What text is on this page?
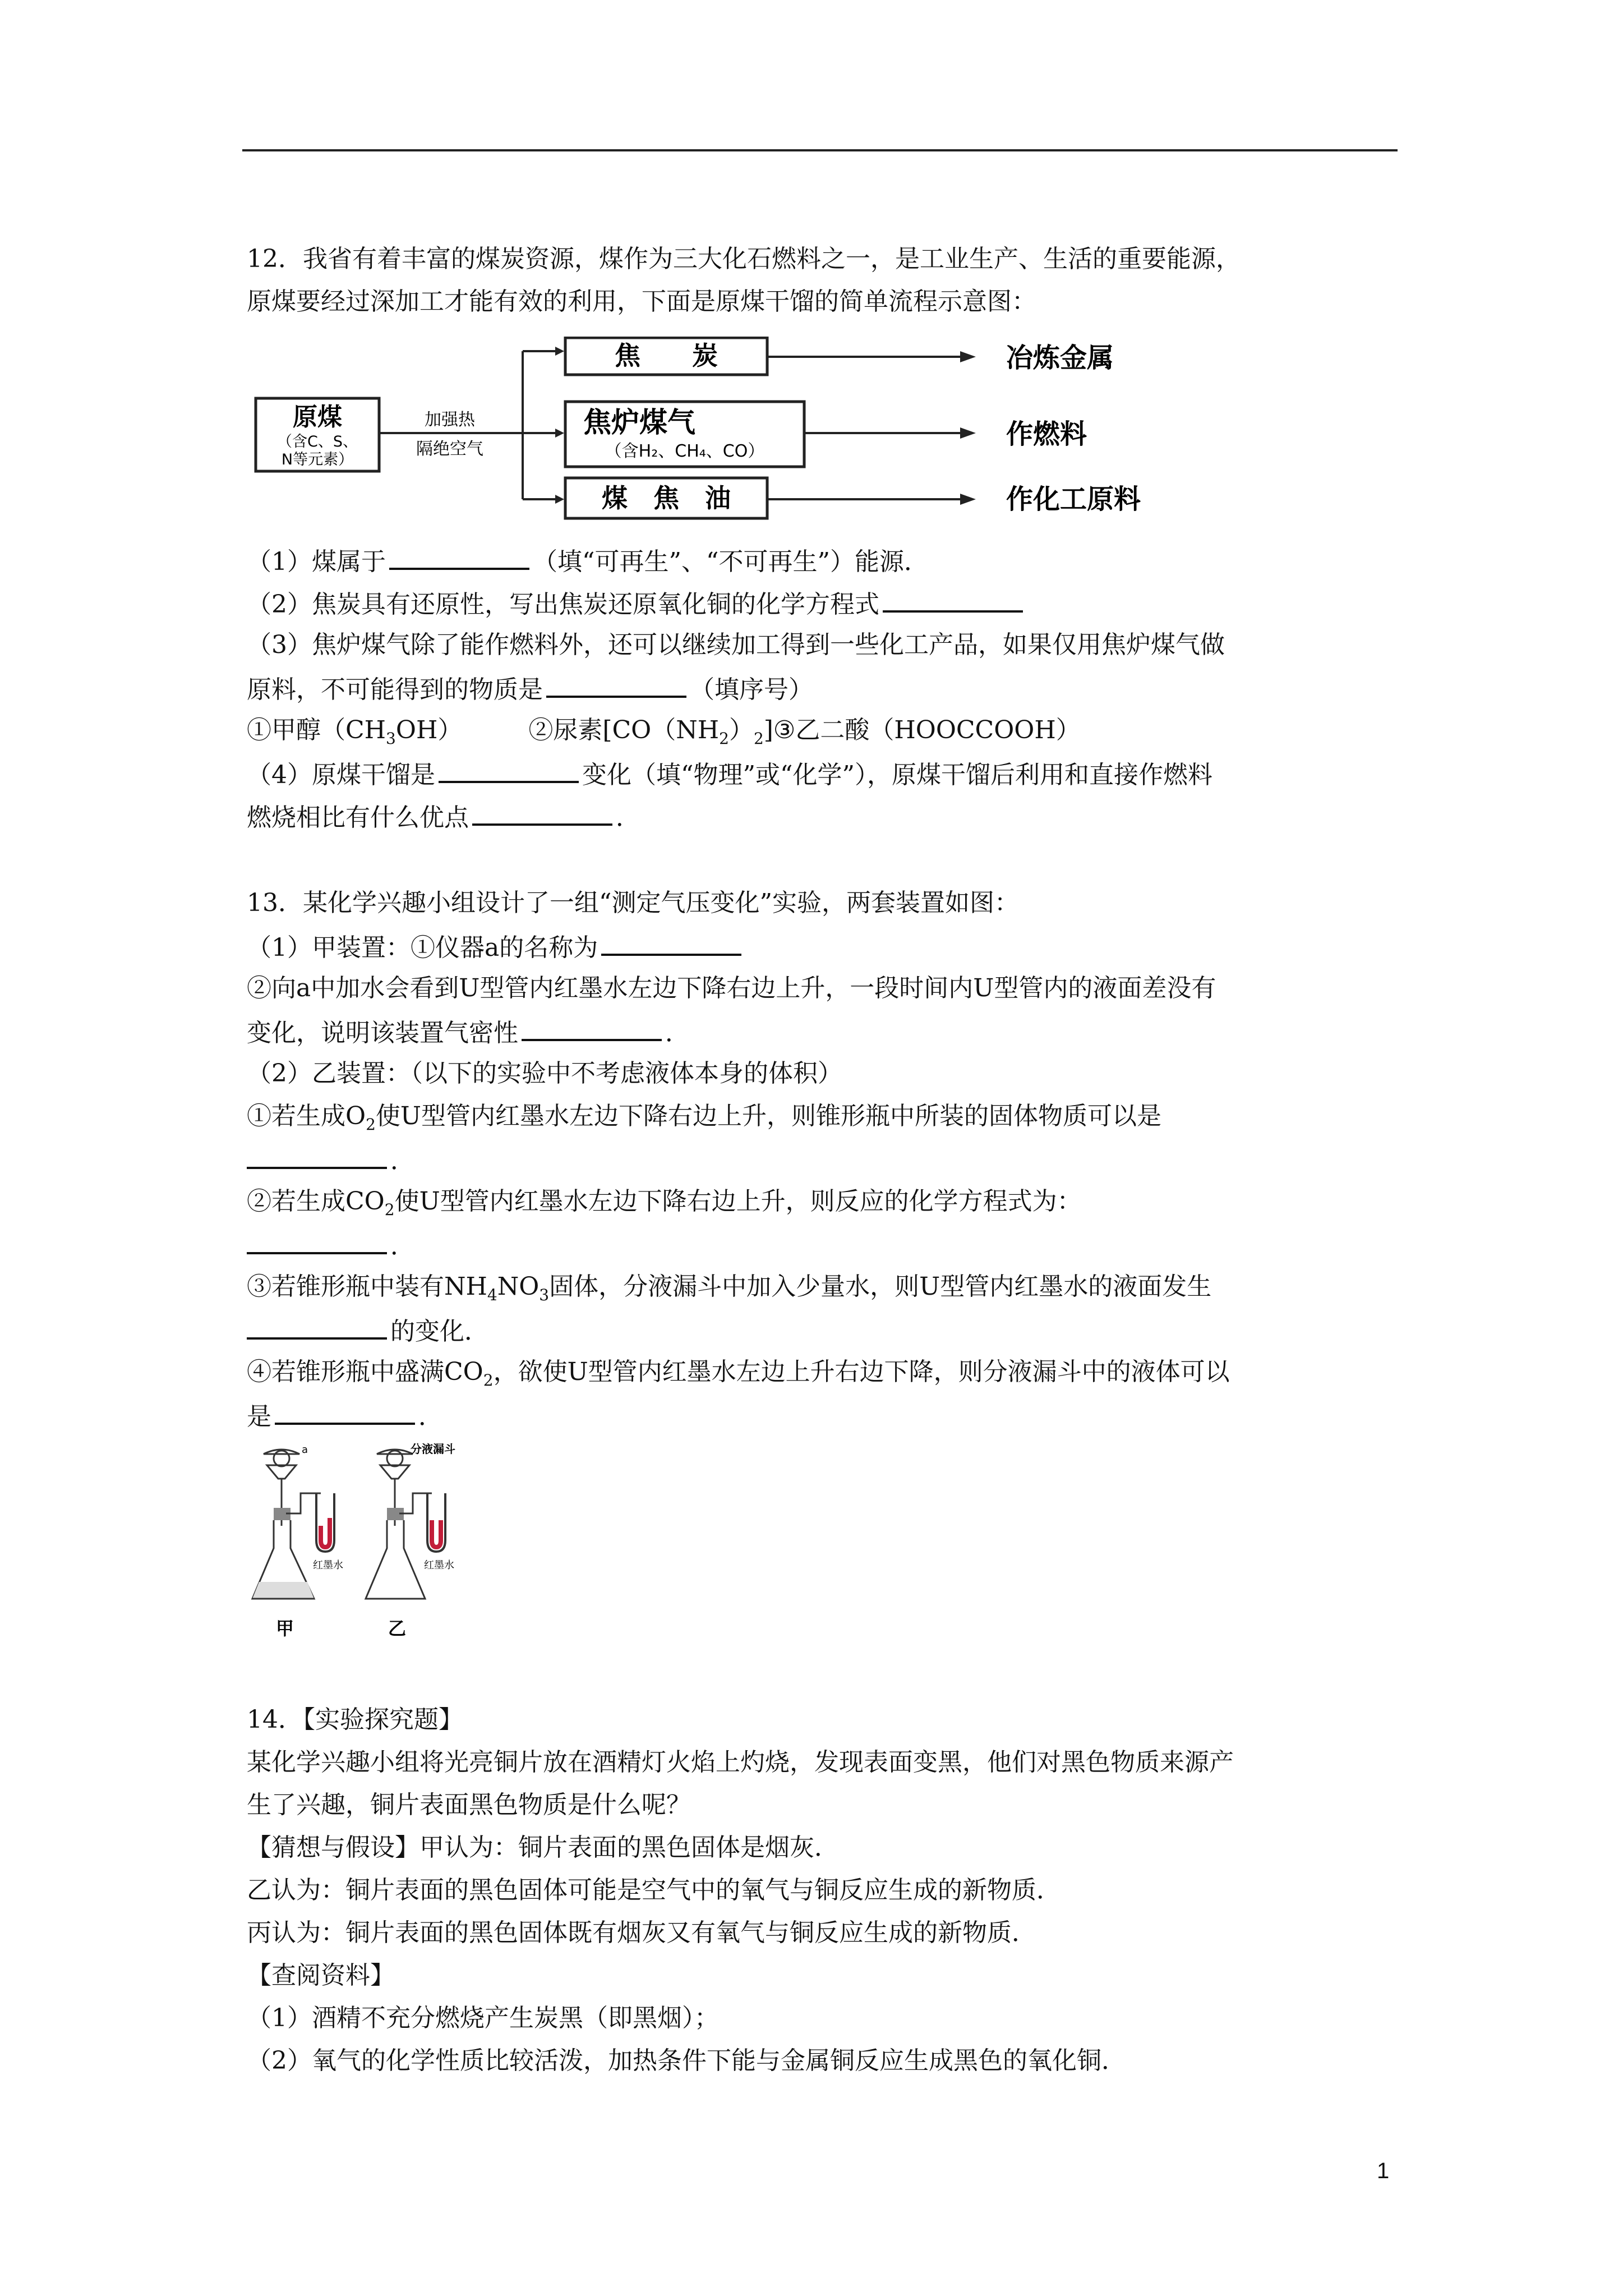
12．我省有着丰富的煤炭资源，煤作为三大化石燃料之一，是工业生产、生活的重要能源，
原煤要经过深加工才能有效的利用，下面是原煤干馏的简单流程示意图：
原煤
（含C、S、
N等元素）
加强热
隔绝空气
焦　　炭	冶炼金属
焦炉煤气
（含H₂、CH₄、CO）
作燃料
煤　焦　油	作化工原料
（1）煤属于	（填“可再生”、“不可再生”）能源．
（2）焦炭具有还原性，写出焦炭还原氧化铜的化学方程式
（3）焦炉煤气除了能作燃料外，还可以继续加工得到一些化工产品，如果仅用焦炉煤气做
原料，不可能得到的物质是	（填序号）
①甲醇$(CH_3OH)$	②尿素$[CO(NH_2)_2]③$乙二酸（HOOCCOOH）
（4）原煤干馏是	变化（填“物理”或“化学”），原煤干馏后利用和直接作燃料
燃烧相比有什么优点	．
13．某化学兴趣小组设计了一组“测定气压变化”实验，两套装置如图：
（1）甲装置：①仪器a的名称为
②向a中加水会看到U型管内红墨水左边下降右边上升，一段时间内U型管内的液面差没有
变化，说明该装置气密性	．
（2）乙装置：（以下的实验中不考虑液体本身的体积）
①若生成$O_2$使U型管内红墨水左边下降右边上升，则锥形瓶中所装的固体物质可以是
．
②若生成$CO_2$使U型管内红墨水左边下降右边上升，则反应的化学方程式为：
．
③若锥形瓶中装有$NH_4NO_3$固体，分液漏斗中加入少量水，则U型管内红墨水的液面发生
的变化．
④若锥形瓶中盛满$CO_2$，欲使U型管内红墨水左边上升右边下降，则分液漏斗中的液体可以
是	．
a
红墨水
甲
分液漏斗
红墨水
乙
14．【实验探究题】
某化学兴趣小组将光亮铜片放在酒精灯火焰上灼烧，发现表面变黑，他们对黑色物质来源产
生了兴趣，铜片表面黑色物质是什么呢？
【猜想与假设】甲认为：铜片表面的黑色固体是烟灰．
乙认为：铜片表面的黑色固体可能是空气中的氧气与铜反应生成的新物质．
丙认为：铜片表面的黑色固体既有烟灰又有氧气与铜反应生成的新物质．
【查阅资料】
（1）酒精不充分燃烧产生炭黑（即黑烟）；
（2）氧气的化学性质比较活泼，加热条件下能与金属铜反应生成黑色的氧化铜．
1
